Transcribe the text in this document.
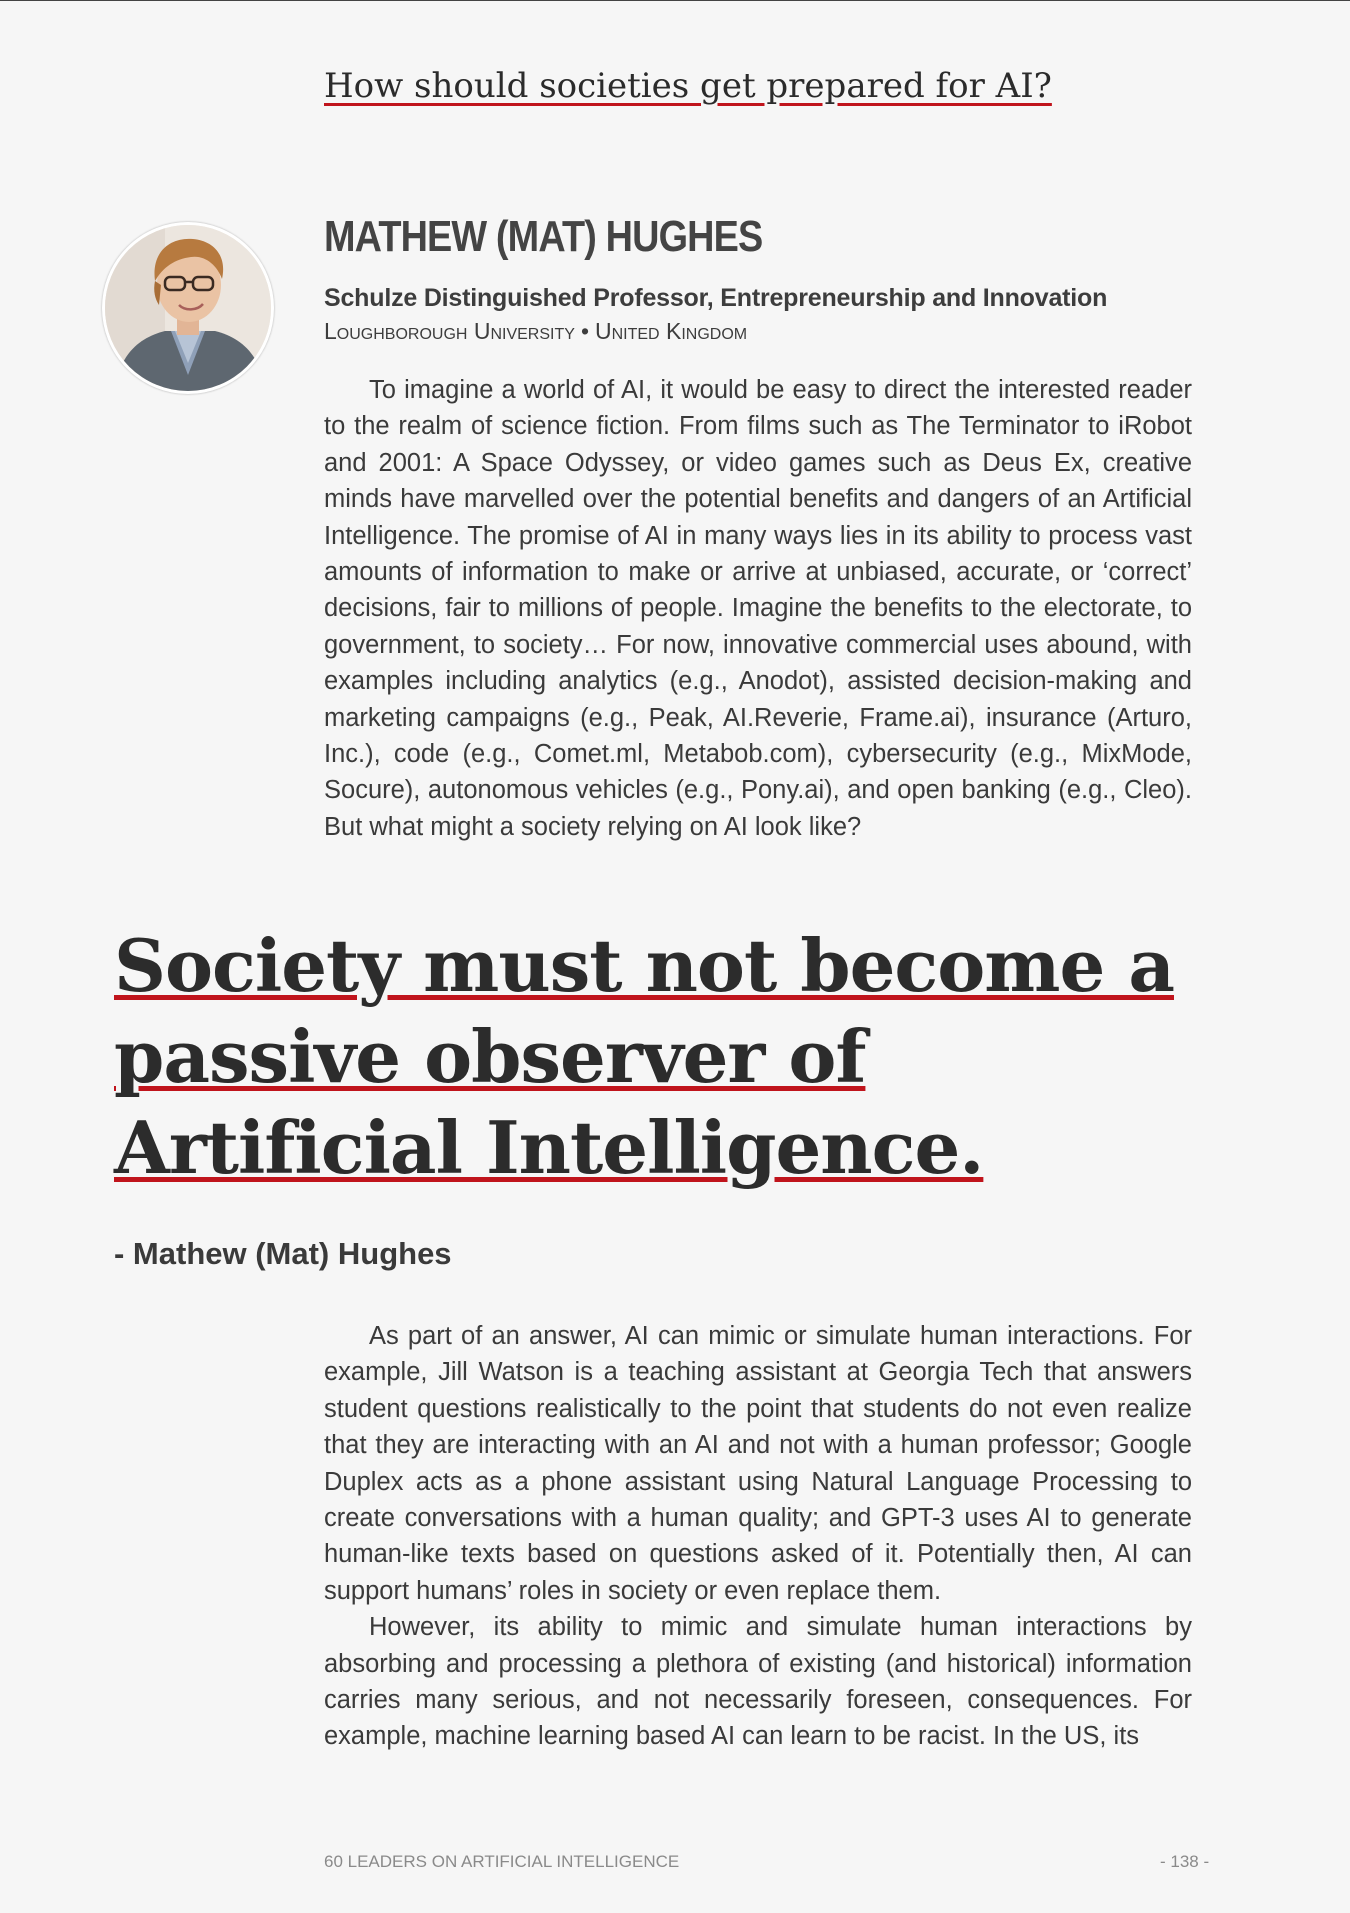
How should societies get prepared for AI?
MATHEW (MAT) HUGHES
Schulze Distinguished Professor, Entrepreneurship and Innovation
Loughborough University • United Kingdom

To imagine a world of AI, it would be easy to direct the interested reader to the realm of science fiction. From films such as The Terminator to iRobot and 2001: A Space Odyssey, or video games such as Deus Ex, creative minds have marvelled over the potential benefits and dangers of an Artificial Intelligence. The promise of AI in many ways lies in its ability to process vast amounts of information to make or arrive at unbiased, accurate, or ‘correct’ decisions, fair to millions of people. Imagine the benefits to the electorate, to government, to society… For now, innovative commercial uses abound, with examples including analytics (e.g., Anodot), assisted decision-making and marketing campaigns (e.g., Peak, AI.Reverie, Frame.ai), insurance (Arturo, Inc.), code (e.g., Comet.ml, Metabob.com), cybersecurity (e.g., MixMode, Socure), autonomous vehicles (e.g., Pony.ai), and open banking (e.g., Cleo). But what might a society relying on AI look like?

Society must not become a passive observer of Artificial Intelligence.
- Mathew (Mat) Hughes

As part of an answer, AI can mimic or simulate human interactions. For example, Jill Watson is a teaching assistant at Georgia Tech that answers student questions realistically to the point that students do not even realize that they are interacting with an AI and not with a human professor; Google Duplex acts as a phone assistant using Natural Language Processing to create conversations with a human quality; and GPT-3 uses AI to generate human-like texts based on questions asked of it. Potentially then, AI can support humans’ roles in society or even replace them.

However, its ability to mimic and simulate human interactions by absorbing and processing a plethora of existing (and historical) information carries many serious, and not necessarily foreseen, consequences. For example, machine learning based AI can learn to be racist. In the US, its

60 LEADERS ON ARTIFICIAL INTELLIGENCE	- 138 -
